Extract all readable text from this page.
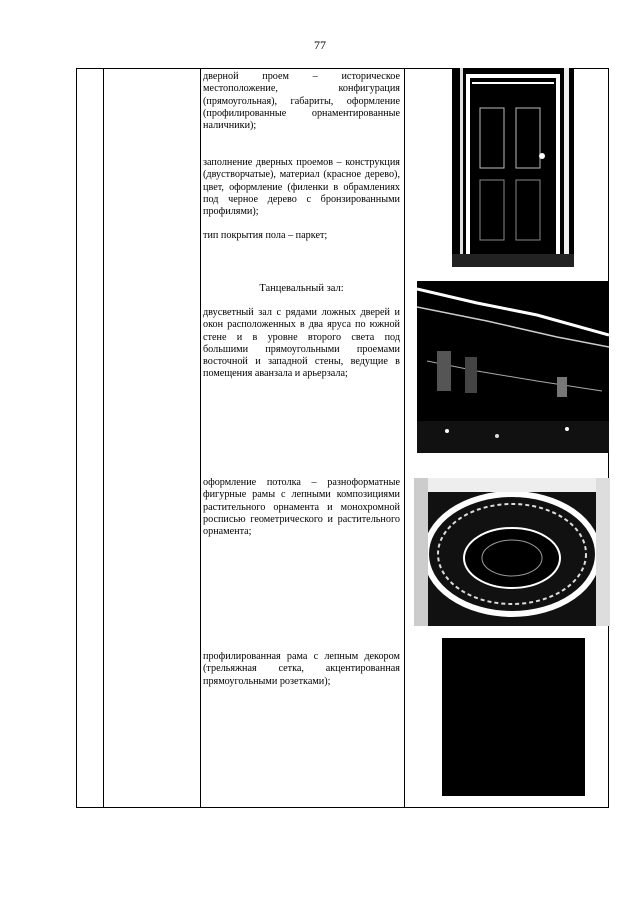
77
дверной проем – историческое местоположение, конфигурация (прямоугольная), габариты, оформление (профилированные орнаментированные наличники);
заполнение дверных проемов – конструкция (двустворчатые), материал (красное дерево), цвет, оформление (филенки в обрамлениях под черное дерево с бронзированными профилями);
тип покрытия пола – паркет;
Танцевальный зал:
двусветный зал с рядами ложных дверей и окон расположенных в два яруса по южной стене и в уровне второго света под большими прямоугольными проемами восточной и западной стены, ведущие в помещения аванзала и арьерзала;
оформление потолка – разноформатные фигурные рамы с лепными композициями растительного орнамента и монохромной росписью геометрического и растительного орнамента;
профилированная рама с лепным декором (трельяжная сетка, акцентированная прямоугольными розетками);
